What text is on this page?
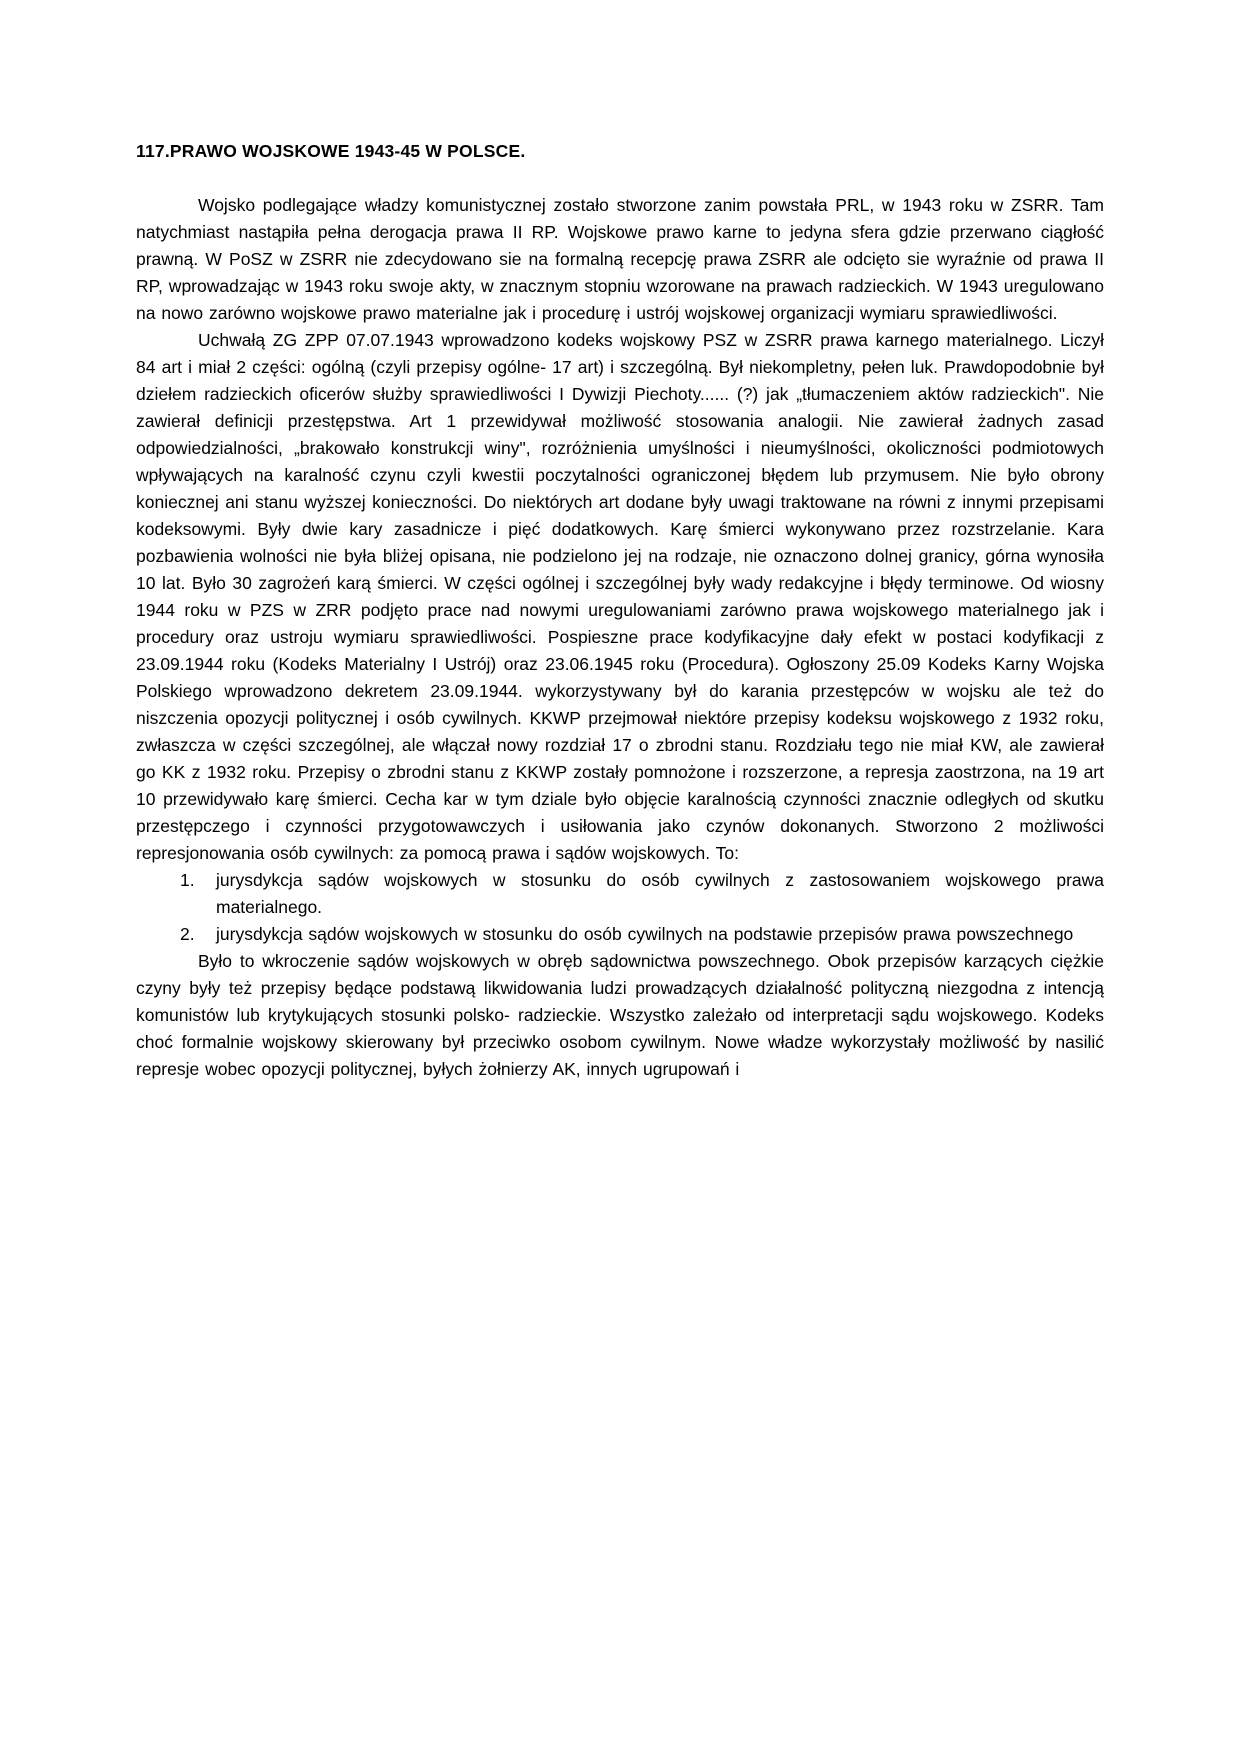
117.PRAWO WOJSKOWE 1943-45 W POLSCE.

Wojsko podlegające władzy komunistycznej zostało stworzone zanim powstała PRL, w 1943 roku w ZSRR. Tam natychmiast nastąpiła pełna derogacja prawa II RP. Wojskowe prawo karne to jedyna sfera gdzie przerwano ciągłość prawną. W PoSZ w ZSRR nie zdecydowano sie na formalną recepcję prawa ZSRR ale odcięto sie wyraźnie od prawa II RP, wprowadzając w 1943 roku swoje akty, w znacznym stopniu wzorowane na prawach radzieckich. W 1943 uregulowano na nowo zarówno wojskowe prawo materialne jak i procedurę i ustrój wojskowej organizacji wymiaru sprawiedliwości.

Uchwałą ZG ZPP 07.07.1943 wprowadzono kodeks wojskowy PSZ w ZSRR prawa karnego materialnego. Liczył 84 art i miał 2 części: ogólną (czyli przepisy ogólne- 17 art) i szczególną. Był niekompletny, pełen luk. Prawdopodobnie był dziełem radzieckich oficerów służby sprawiedliwości I Dywizji Piechoty...... (?) jak „tłumaczeniem aktów radzieckich". Nie zawierał definicji przestępstwa. Art 1 przewidywał możliwość stosowania analogii. Nie zawierał żadnych zasad odpowiedzialności, „brakowało konstrukcji winy", rozróżnienia umyślności i nieumyślności, okoliczności podmiotowych wpływających na karalność czynu czyli kwestii poczytalności ograniczonej błędem lub przymusem. Nie było obrony koniecznej ani stanu wyższej konieczności. Do niektórych art dodane były uwagi traktowane na równi z innymi przepisami kodeksowymi. Były dwie kary zasadnicze i pięć dodatkowych. Karę śmierci wykonywano przez rozstrzelanie. Kara pozbawienia wolności nie była bliżej opisana, nie podzielono jej na rodzaje, nie oznaczono dolnej granicy, górna wynosiła 10 lat. Było 30 zagrożeń karą śmierci. W części ogólnej i szczególnej były wady redakcyjne i błędy terminowe. Od wiosny 1944 roku w PZS w ZRR podjęto prace nad nowymi uregulowaniami zarówno prawa wojskowego materialnego jak i procedury oraz ustroju wymiaru sprawiedliwości. Pospieszne prace kodyfikacyjne dały efekt w postaci kodyfikacji z 23.09.1944 roku (Kodeks Materialny I Ustrój) oraz 23.06.1945 roku (Procedura). Ogłoszony 25.09 Kodeks Karny Wojska Polskiego wprowadzono dekretem 23.09.1944. wykorzystywany był do karania przestępców w wojsku ale też do niszczenia opozycji politycznej i osób cywilnych. KKWP przejmował niektóre przepisy kodeksu wojskowego z 1932 roku, zwłaszcza w części szczególnej, ale włączał nowy rozdział 17 o zbrodni stanu. Rozdziału tego nie miał KW, ale zawierał go KK z 1932 roku. Przepisy o zbrodni stanu z KKWP zostały pomnożone i rozszerzone, a represja zaostrzona, na 19 art 10 przewidywało karę śmierci. Cecha kar w tym dziale było objęcie karalnością czynności znacznie odległych od skutku przestępczego i czynności przygotowawczych i usiłowania jako czynów dokonanych. Stworzono 2 możliwości represjonowania osób cywilnych: za pomocą prawa i sądów wojskowych. To:

1. jurysdykcja sądów wojskowych w stosunku do osób cywilnych z zastosowaniem wojskowego prawa materialnego.
2. jurysdykcja sądów wojskowych w stosunku do osób cywilnych na podstawie przepisów prawa powszechnego

Było to wkroczenie sądów wojskowych w obręb sądownictwa powszechnego. Obok przepisów karzących ciężkie czyny były też przepisy będące podstawą likwidowania ludzi prowadzących działalność polityczną niezgodna z intencją komunistów lub krytykujących stosunki polsko- radzieckie. Wszystko zależało od interpretacji sądu wojskowego. Kodeks choć formalnie wojskowy skierowany był przeciwko osobom cywilnym. Nowe władze wykorzystały możliwość by nasilić represje wobec opozycji politycznej, byłych żołnierzy AK, innych ugrupowań i
